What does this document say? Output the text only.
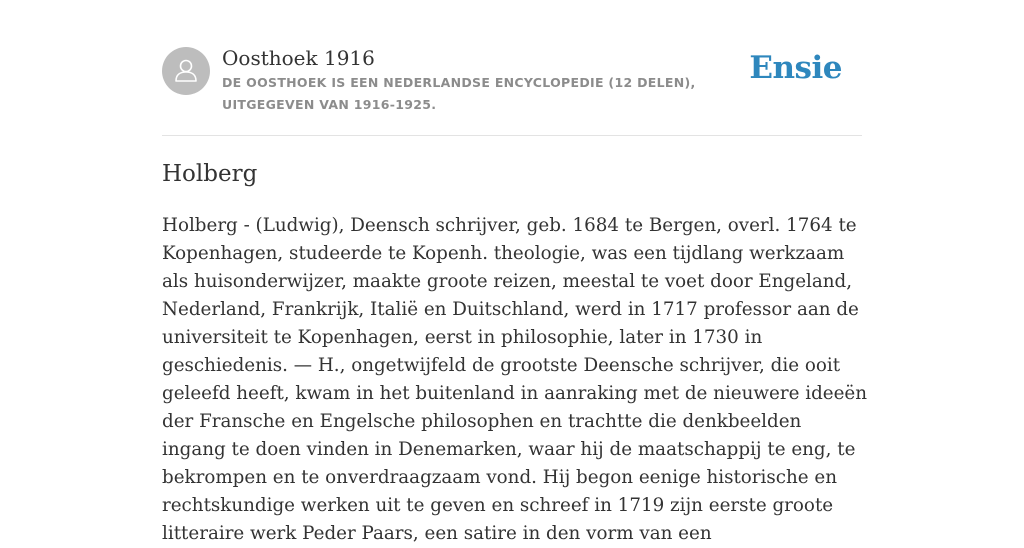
Oosthoek 1916
DE OOSTHOEK IS EEN NEDERLANDSE ENCYCLOPEDIE (12 DELEN), UITGEGEVEN VAN 1916-1925.
Ensie
Holberg

Holberg - (Ludwig), Deensch schrijver, geb. 1684 te Bergen, overl. 1764 te Kopenhagen, studeerde te Kopenh. theologie, was een tijdlang werkzaam als huisonderwijzer, maakte groote reizen, meestal te voet door Engeland, Nederland, Frankrijk, Italië en Duitschland, werd in 1717 professor aan de universiteit te Kopenhagen, eerst in philosophie, later in 1730 in geschiedenis. — H., ongetwijfeld de grootste Deensche schrijver, die ooit geleefd heeft, kwam in het buitenland in aanraking met de nieuwere ideeën der Fransche en Engelsche philosophen en trachtte die denkbeelden ingang te doen vinden in Denemarken, waar hij de maatschappij te eng, te bekrompen en te onverdraagzaam vond. Hij begon eenige historische en rechtskundige werken uit te geven en schreef in 1719 zijn eerste groote litteraire werk Peder Paars, een satire in den vorm van een
